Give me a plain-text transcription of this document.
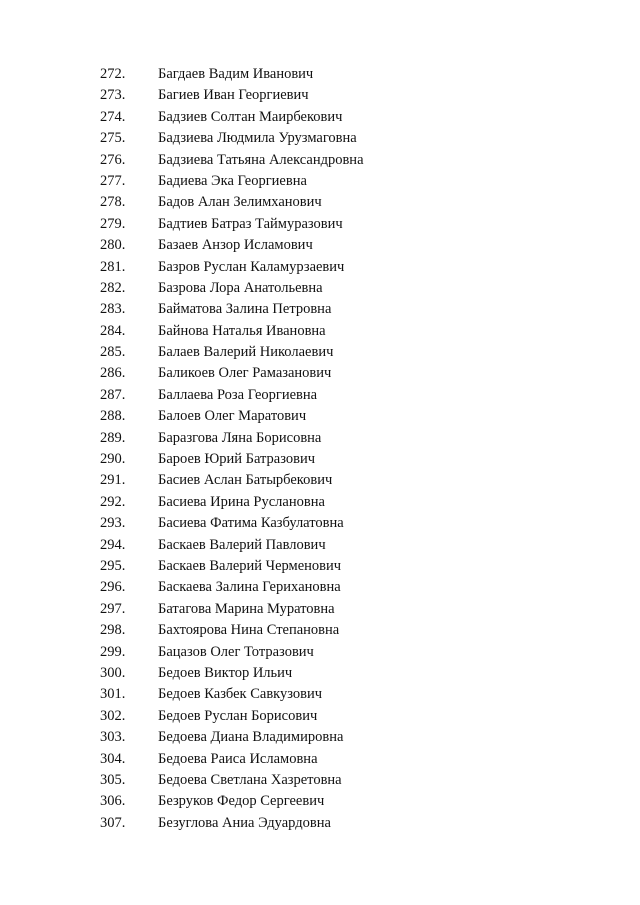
272.	Багдаев Вадим Иванович
273.	Багиев Иван Георгиевич
274.	Бадзиев Солтан Маирбекович
275.	Бадзиева Людмила Урузмаговна
276.	Бадзиева Татьяна Александровна
277.	Бадиева Эка Георгиевна
278.	Бадов Алан Зелимханович
279.	Бадтиев Батраз Таймуразович
280.	Базаев Анзор Исламович
281.	Базров Руслан Каламурзаевич
282.	Базрова Лора Анатольевна
283.	Байматова Залина Петровна
284.	Байнова Наталья Ивановна
285.	Балаев Валерий Николаевич
286.	Баликоев Олег Рамазанович
287.	Баллаева Роза Георгиевна
288.	Балоев Олег Маратович
289.	Баразгова Ляна Борисовна
290.	Бароев Юрий Батразович
291.	Басиев Аслан Батырбекович
292.	Басиева Ирина Руслановна
293.	Басиева Фатима Казбулатовна
294.	Баскаев Валерий Павлович
295.	Баскаев Валерий Черменович
296.	Баскаева Залина Гериxановна
297.	Батагова Марина Муратовна
298.	Бахтоярова Нина Степановна
299.	Бацазов Олег Тотразович
300.	Бедоев Виктор Ильич
301.	Бедоев Казбек Савкузович
302.	Бедоев Руслан Борисович
303.	Бедоева Диана Владимировна
304.	Бедоева Раиса Исламовна
305.	Бедоева Светлана Хазретовна
306.	Безруков Федор Сергеевич
307.	Безуглова Аниа Эдуардовна
